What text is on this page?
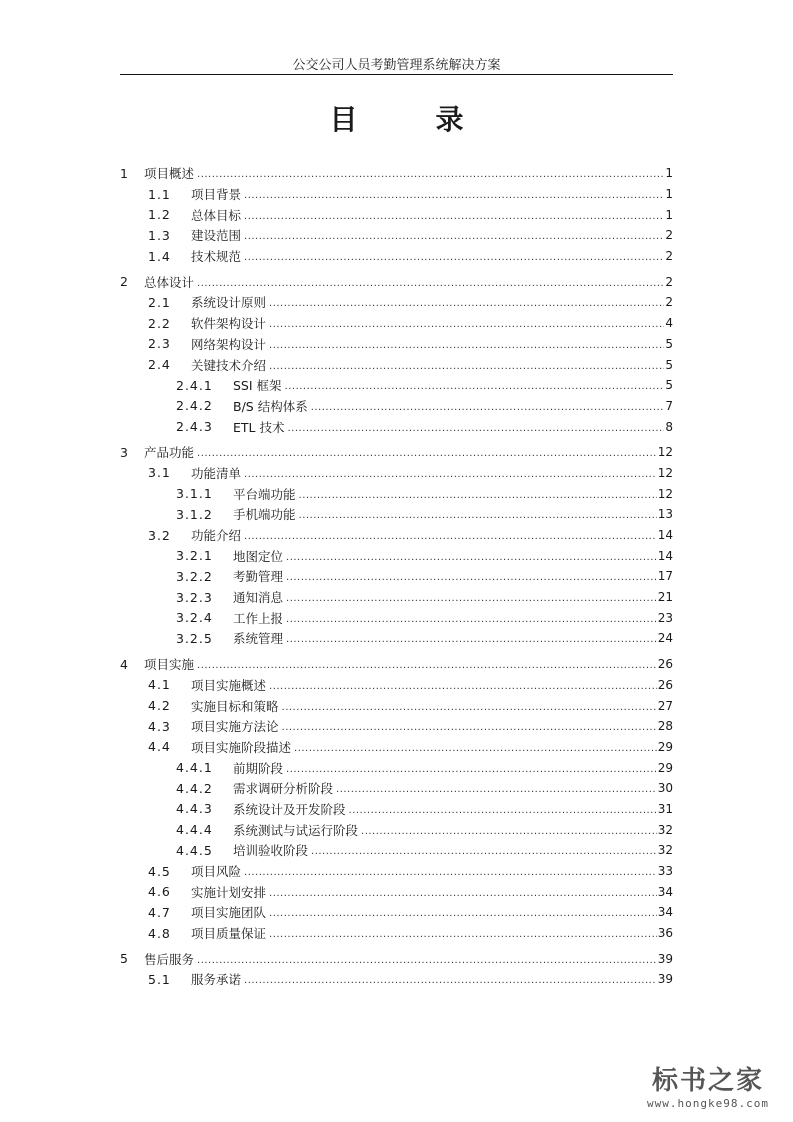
公交公司人员考勤管理系统解决方案
目	录
1	项目概述 .....	1
1.1	项目背景 .....	1
1.2	总体目标 .....	1
1.3	建设范围 .....	2
1.4	技术规范 .....	2
2	总体设计 .....	2
2.1	系统设计原则 .....	2
2.2	软件架构设计 .....	4
2.3	网络架构设计 .....	5
2.4	关键技术介绍 .....	5
2.4.1	SSI 框架 .....	5
2.4.2	B/S 结构体系 .....	7
2.4.3	ETL 技术 .....	8
3	产品功能 .....	12
3.1	功能清单 .....	12
3.1.1	平台端功能 .....	12
3.1.2	手机端功能 .....	13
3.2	功能介绍 .....	14
3.2.1	地图定位 .....	14
3.2.2	考勤管理 .....	17
3.2.3	通知消息 .....	21
3.2.4	工作上报 .....	23
3.2.5	系统管理 .....	24
4	项目实施 .....	26
4.1	项目实施概述 .....	26
4.2	实施目标和策略 .....	27
4.3	项目实施方法论 .....	28
4.4	项目实施阶段描述 .....	29
4.4.1	前期阶段 .....	29
4.4.2	需求调研分析阶段 .....	30
4.4.3	系统设计及开发阶段 .....	31
4.4.4	系统测试与试运行阶段 .....	32
4.4.5	培训验收阶段 .....	32
4.5	项目风险 .....	33
4.6	实施计划安排 .....	34
4.7	项目实施团队 .....	34
4.8	项目质量保证 .....	36
5	售后服务 .....	39
5.1	服务承诺 .....	39
标书之家
www.hongke98.com
